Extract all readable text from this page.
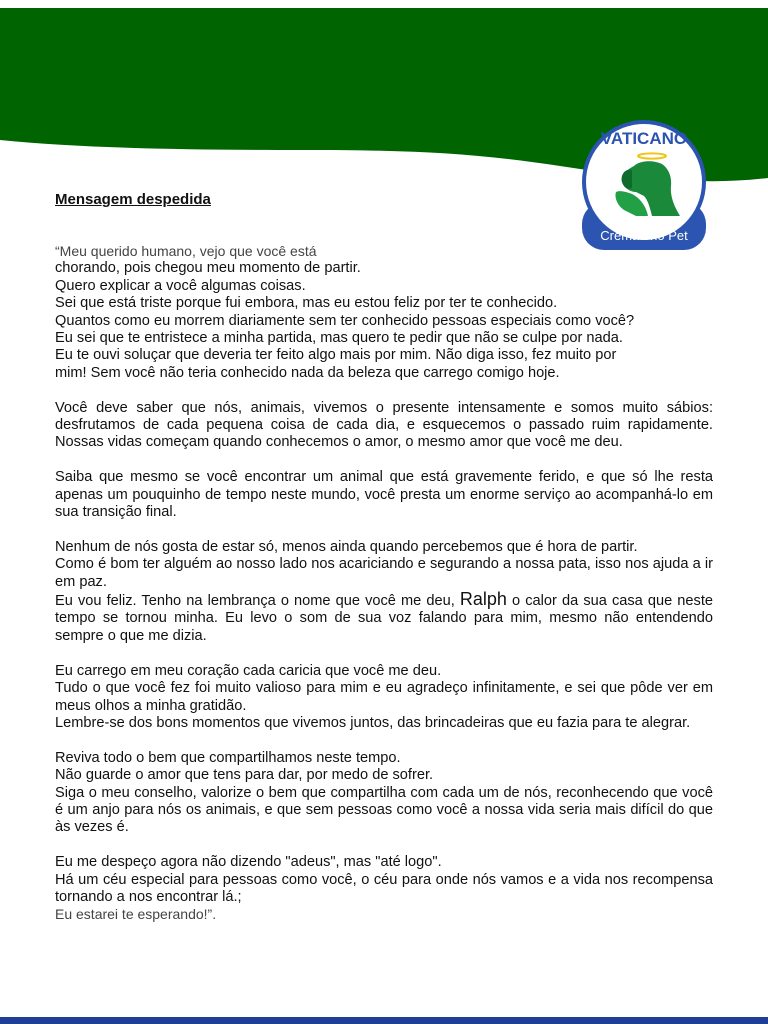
VATICANO
Crematório Pet
Mensagem despedida

“Meu querido humano, vejo que você está
chorando, pois chegou meu momento de partir.
Quero explicar a você algumas coisas.
Sei que está triste porque fui embora, mas eu estou feliz por ter te conhecido.
Quantos como eu morrem diariamente sem ter conhecido pessoas especiais como você?
Eu sei que te entristece a minha partida, mas quero te pedir que não se culpe por nada.
Eu te ouvi soluçar que deveria ter feito algo mais por mim. Não diga isso, fez muito por
mim! Sem você não teria conhecido nada da beleza que carrego comigo hoje.

Você deve saber que nós, animais, vivemos o presente intensamente e somos muito sábios: desfrutamos de cada pequena coisa de cada dia, e esquecemos o passado ruim rapidamente. Nossas vidas começam quando conhecemos o amor, o mesmo amor que você me deu.

Saiba que mesmo se você encontrar um animal que está gravemente ferido, e que só lhe resta apenas um pouquinho de tempo neste mundo, você presta um enorme serviço ao acompanhá-lo em sua transição final.

Nenhum de nós gosta de estar só, menos ainda quando percebemos que é hora de partir.
Como é bom ter alguém ao nosso lado nos acariciando e segurando a nossa pata, isso nos ajuda a ir em paz.
Eu vou feliz. Tenho na lembrança o nome que você me deu, Ralph o calor da sua casa que neste tempo se tornou minha. Eu levo o som de sua voz falando para mim, mesmo não entendendo sempre o que me dizia.

Eu carrego em meu coração cada caricia que você me deu.
Tudo o que você fez foi muito valioso para mim e eu agradeço infinitamente, e sei que pôde ver em meus olhos a minha gratidão.
Lembre-se dos bons momentos que vivemos juntos, das brincadeiras que eu fazia para te alegrar.

Reviva todo o bem que compartilhamos neste tempo.
Não guarde o amor que tens para dar, por medo de sofrer.
Siga o meu conselho, valorize o bem que compartilha com cada um de nós, reconhecendo que você é um anjo para nós os animais, e que sem pessoas como você a nossa vida seria mais difícil do que às vezes é.

Eu me despeço agora não dizendo "adeus", mas "até logo".
Há um céu especial para pessoas como você, o céu para onde nós vamos e a vida nos recompensa tornando a nos encontrar lá.;
Eu estarei te esperando!”.
